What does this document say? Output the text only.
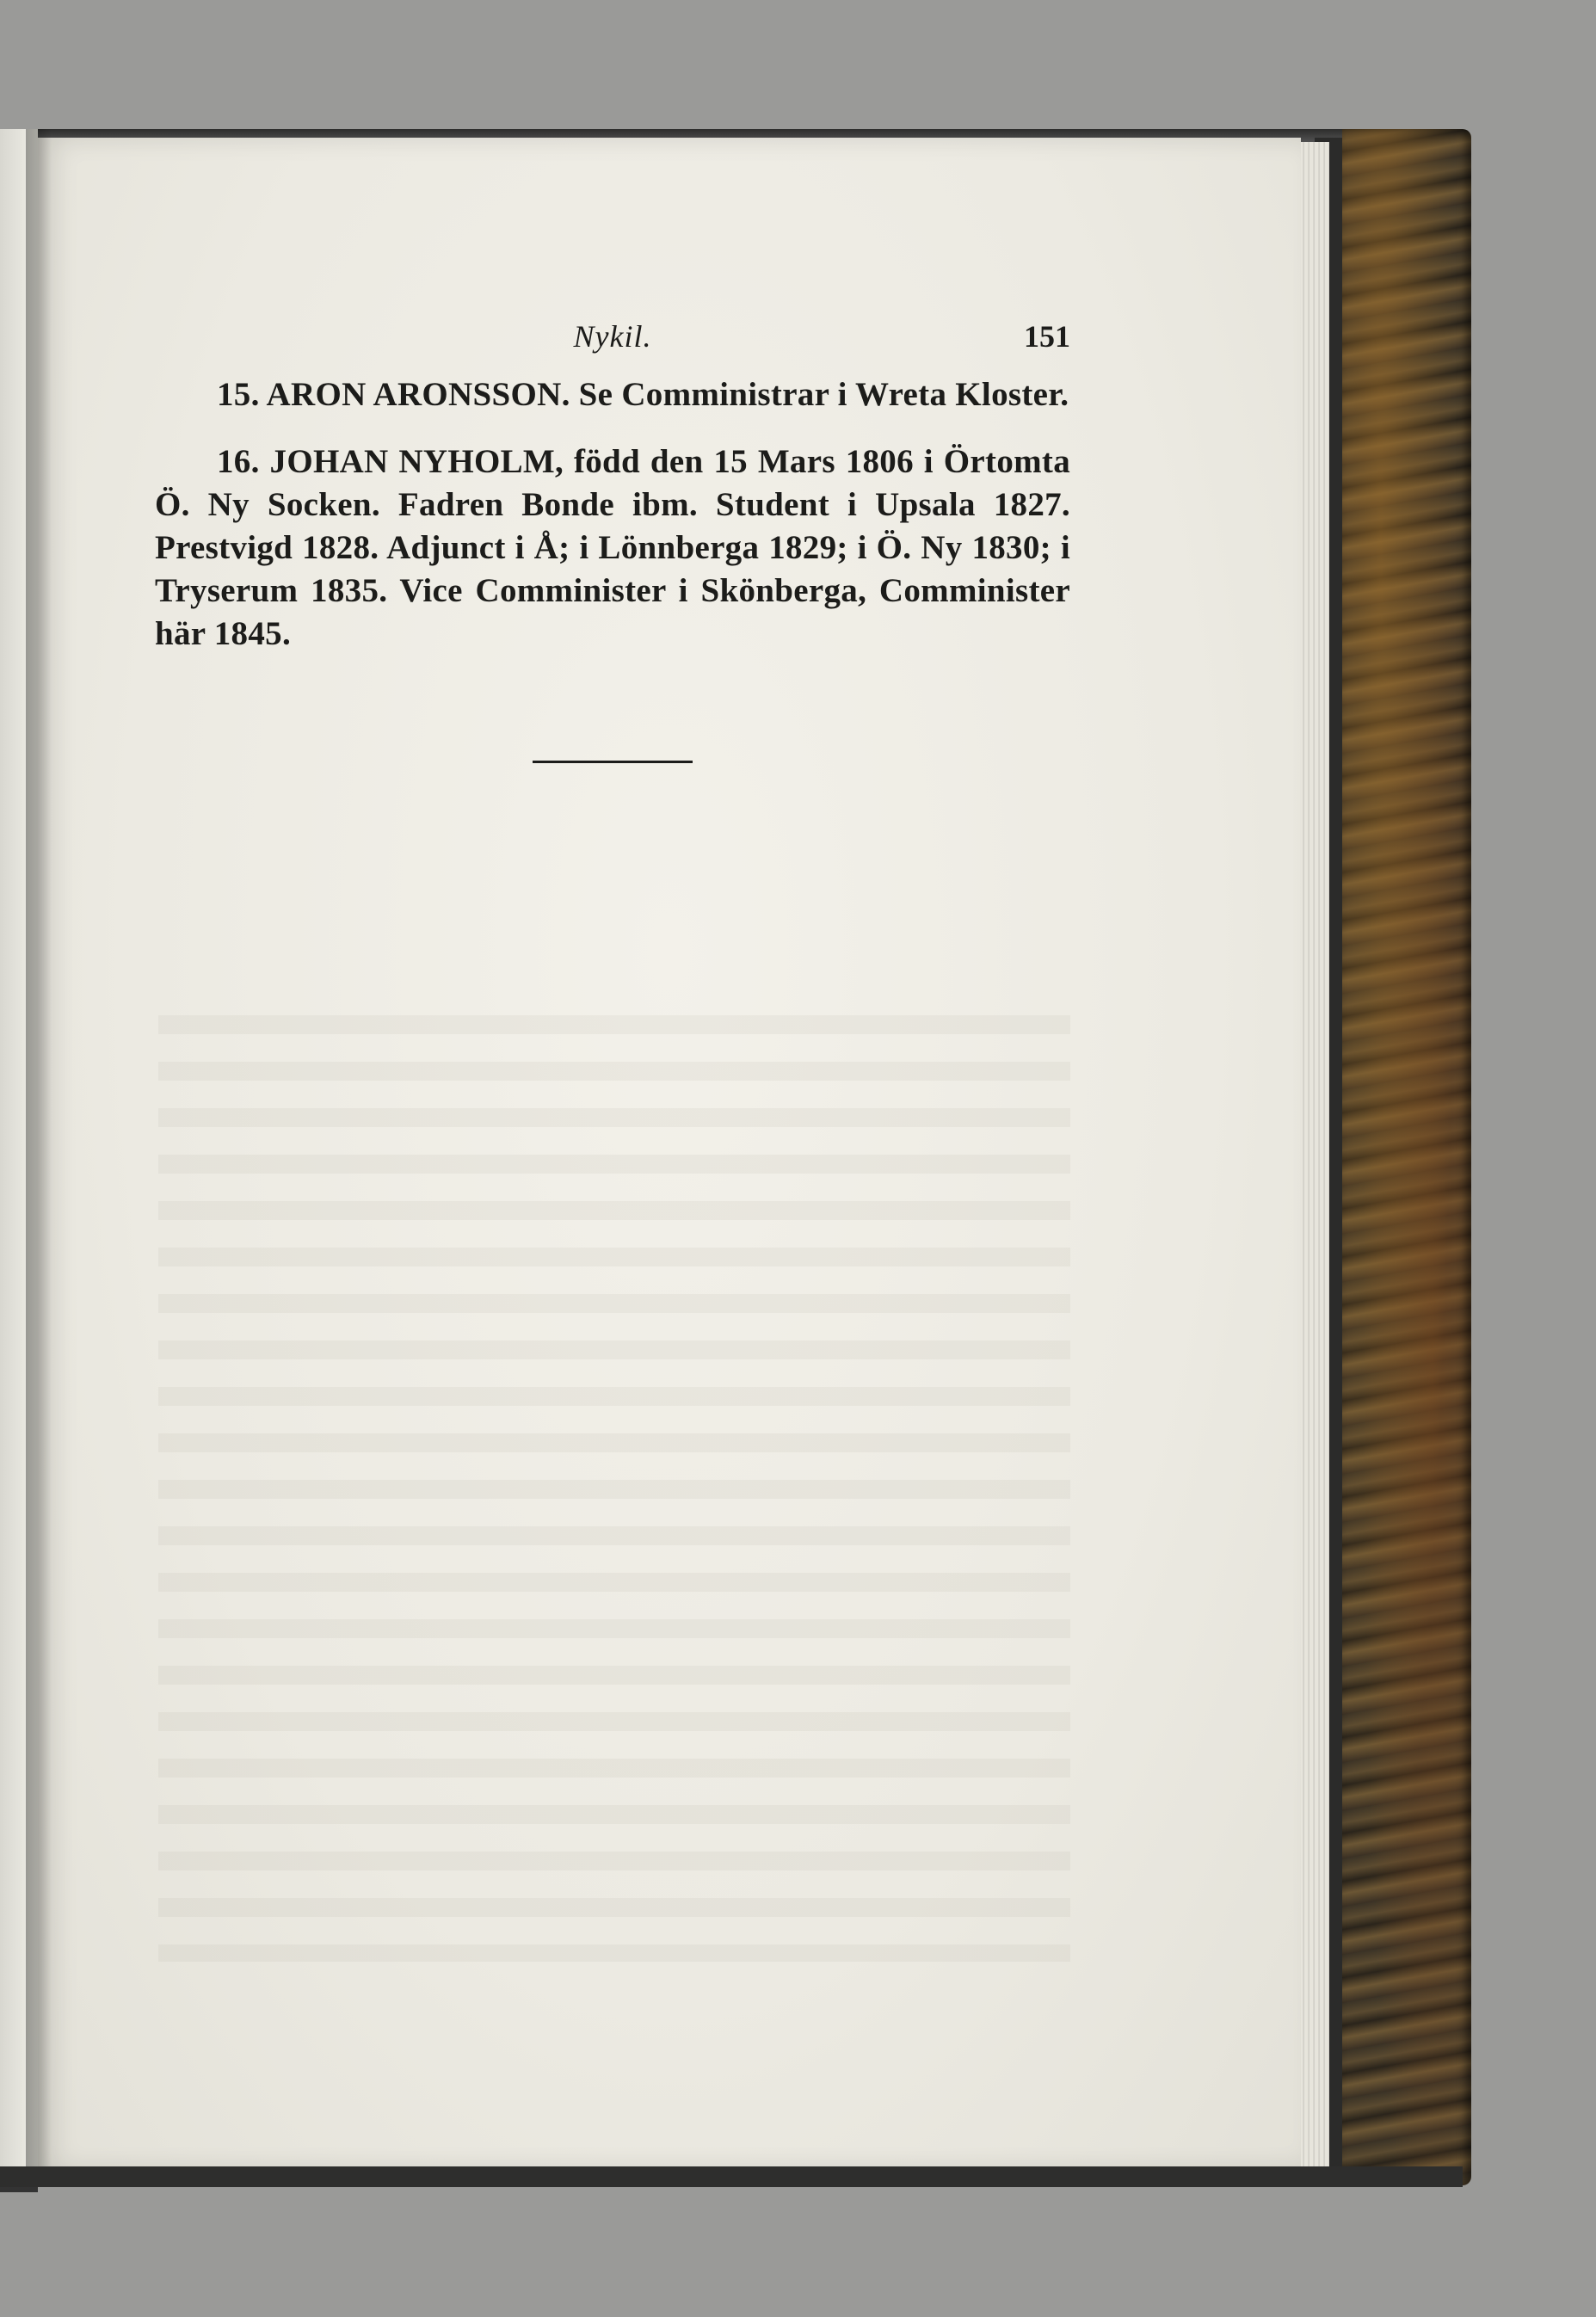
Nykil.	151

15. ARON ARONSSON. Se Comministrar i Wreta Kloster.

16. JOHAN NYHOLM, född den 15 Mars 1806 i Örtomta Ö. Ny Socken. Fadren Bonde ibm. Student i Upsala 1827. Prestvigd 1828. Adjunct i Å; i Lönnberga 1829; i Ö. Ny 1830; i Tryserum 1835. Vice Comminister i Skönberga, Comminister här 1845.
